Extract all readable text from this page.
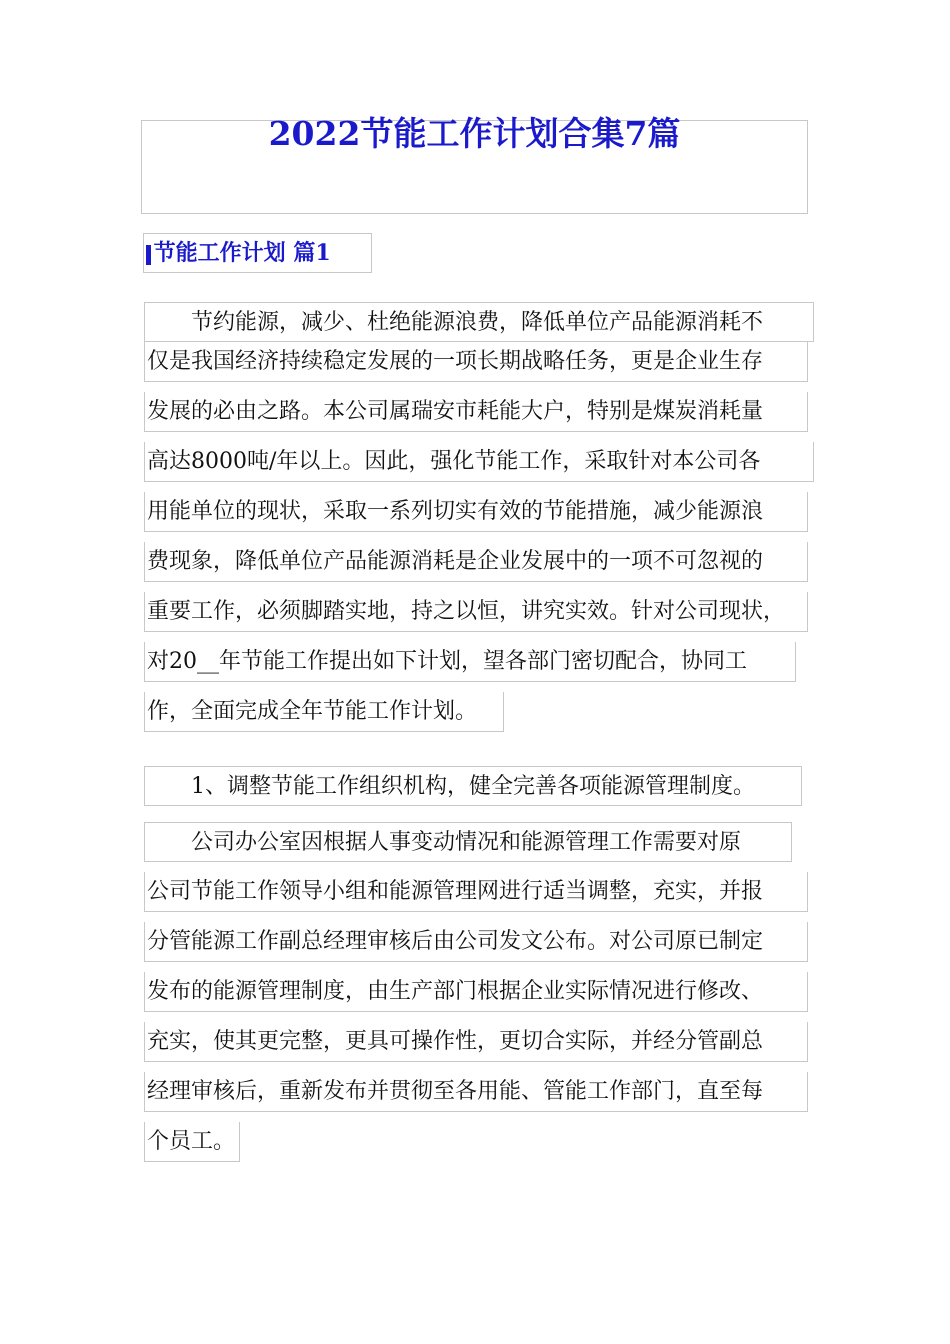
2022节能工作计划合集7篇
节能工作计划 篇1
节约能源，减少、杜绝能源浪费，降低单位产品能源消耗不
仅是我国经济持续稳定发展的一项长期战略任务，更是企业生存
发展的必由之路。本公司属瑞安市耗能大户，特别是煤炭消耗量
高达8000吨/年以上。因此，强化节能工作，采取针对本公司各
用能单位的现状，采取一系列切实有效的节能措施，减少能源浪
费现象，降低单位产品能源消耗是企业发展中的一项不可忽视的
重要工作，必须脚踏实地，持之以恒，讲究实效。针对公司现状，
对20__年节能工作提出如下计划，望各部门密切配合，协同工
作，全面完成全年节能工作计划。
1、调整节能工作组织机构，健全完善各项能源管理制度。
公司办公室因根据人事变动情况和能源管理工作需要对原
公司节能工作领导小组和能源管理网进行适当调整，充实，并报
分管能源工作副总经理审核后由公司发文公布。对公司原已制定
发布的能源管理制度，由生产部门根据企业实际情况进行修改、
充实，使其更完整，更具可操作性，更切合实际，并经分管副总
经理审核后，重新发布并贯彻至各用能、管能工作部门，直至每
个员工。
